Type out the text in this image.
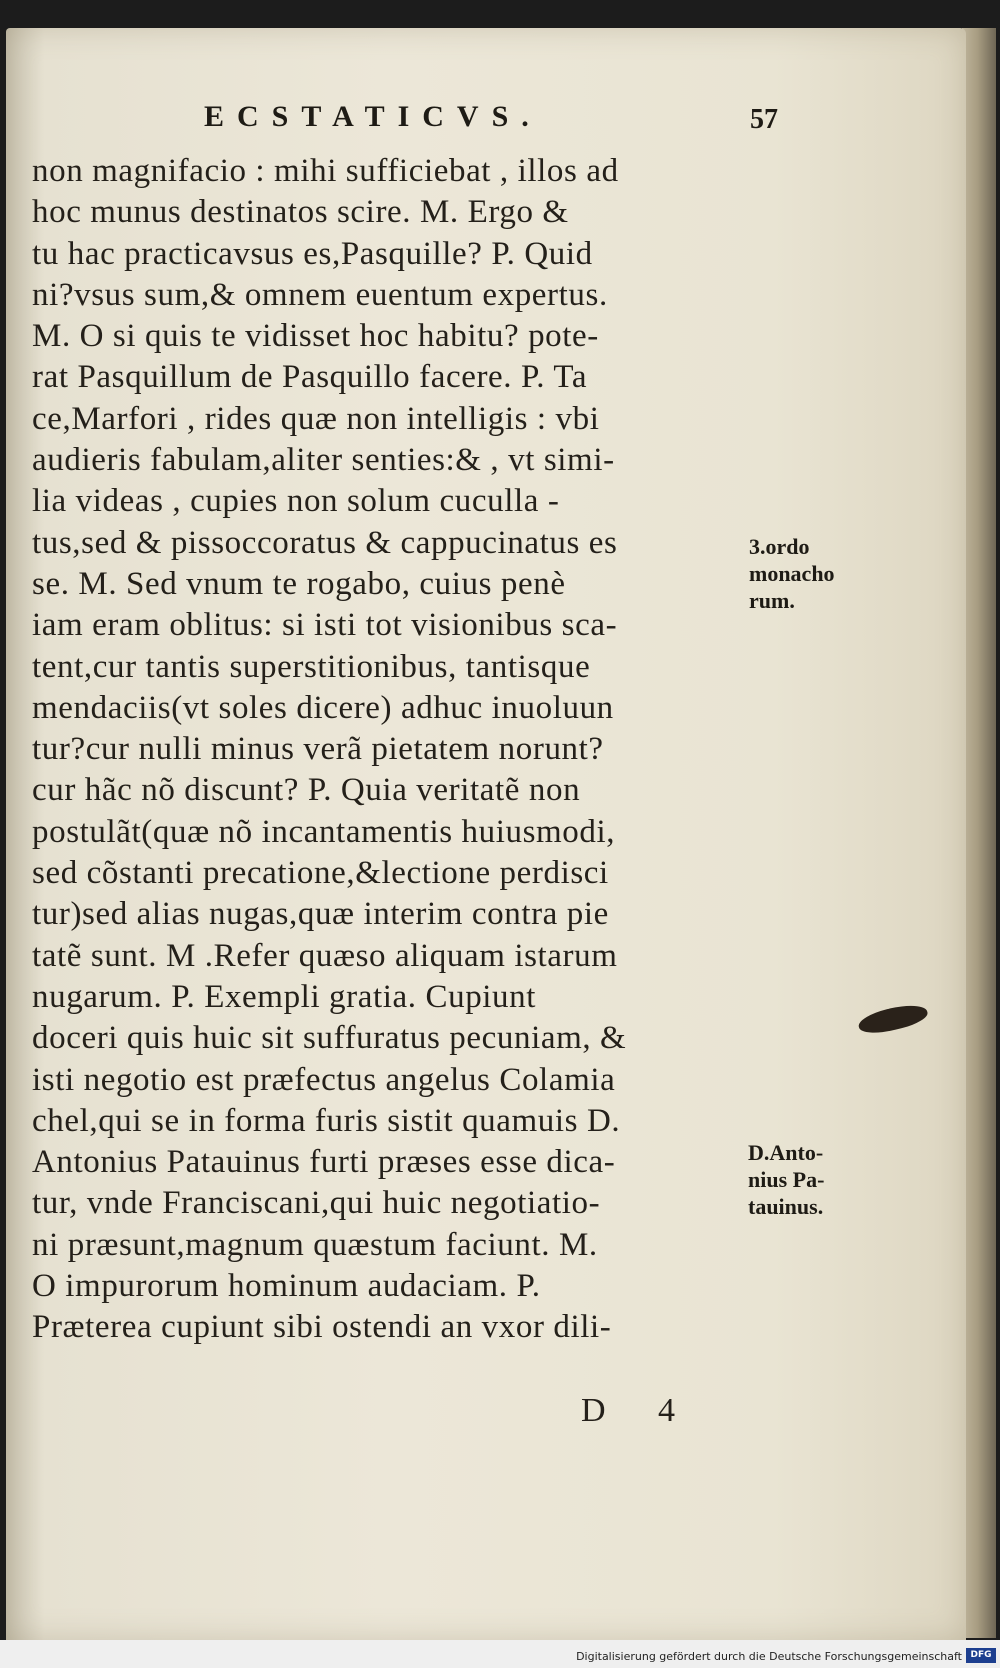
ECSTATICVS.	57
non magnifacio : mihi sufficiebat , illos ad
hoc munus destinatos scire. M. Ergo &
tu hac practicavsus es,Pasquille? P. Quid
ni?vsus sum,& omnem euentum expertus.
M. O si quis te vidisset hoc habitu? pote-
rat Pasquillum de Pasquillo facere. P. Ta
ce,Marfori , rides quæ non intelligis : vbi
audieris fabulam,aliter senties:& , vt simi-
lia videas , cupies non solum cuculla -
tus,sed & pissoccoratus & cappucinatus es
se. M. Sed vnum te rogabo, cuius penè
iam eram oblitus: si isti tot visionibus sca-
tent,cur tantis superstitionibus, tantisque
mendaciis(vt soles dicere) adhuc inuoluun
tur?cur nulli minus verã pietatem norunt?
cur hãc nõ discunt? P. Quia veritatẽ non
postulãt(quæ nõ incantamentis huiusmodi,
sed cõstanti precatione,&lectione perdisci
tur)sed alias nugas,quæ interim contra pie
tatẽ sunt. M .Refer quæso aliquam istarum
nugarum. P. Exempli gratia. Cupiunt
doceri quis huic sit suffuratus pecuniam, &
isti negotio est præfectus angelus Colamia
chel,qui se in forma furis sistit quamuis D.
Antonius Patauinus furti præses esse dica-
tur, vnde Franciscani,qui huic negotiatio-
ni præsunt,magnum quæstum faciunt. M.
O impurorum hominum audaciam. P.
Præterea cupiunt sibi ostendi an vxor dili-
3.ordo
monacho
rum.
D.Anto-
nius Pa-
tauinus.
D 4
Digitalisierung gefördert durch die Deutsche Forschungsgemeinschaft DFG
